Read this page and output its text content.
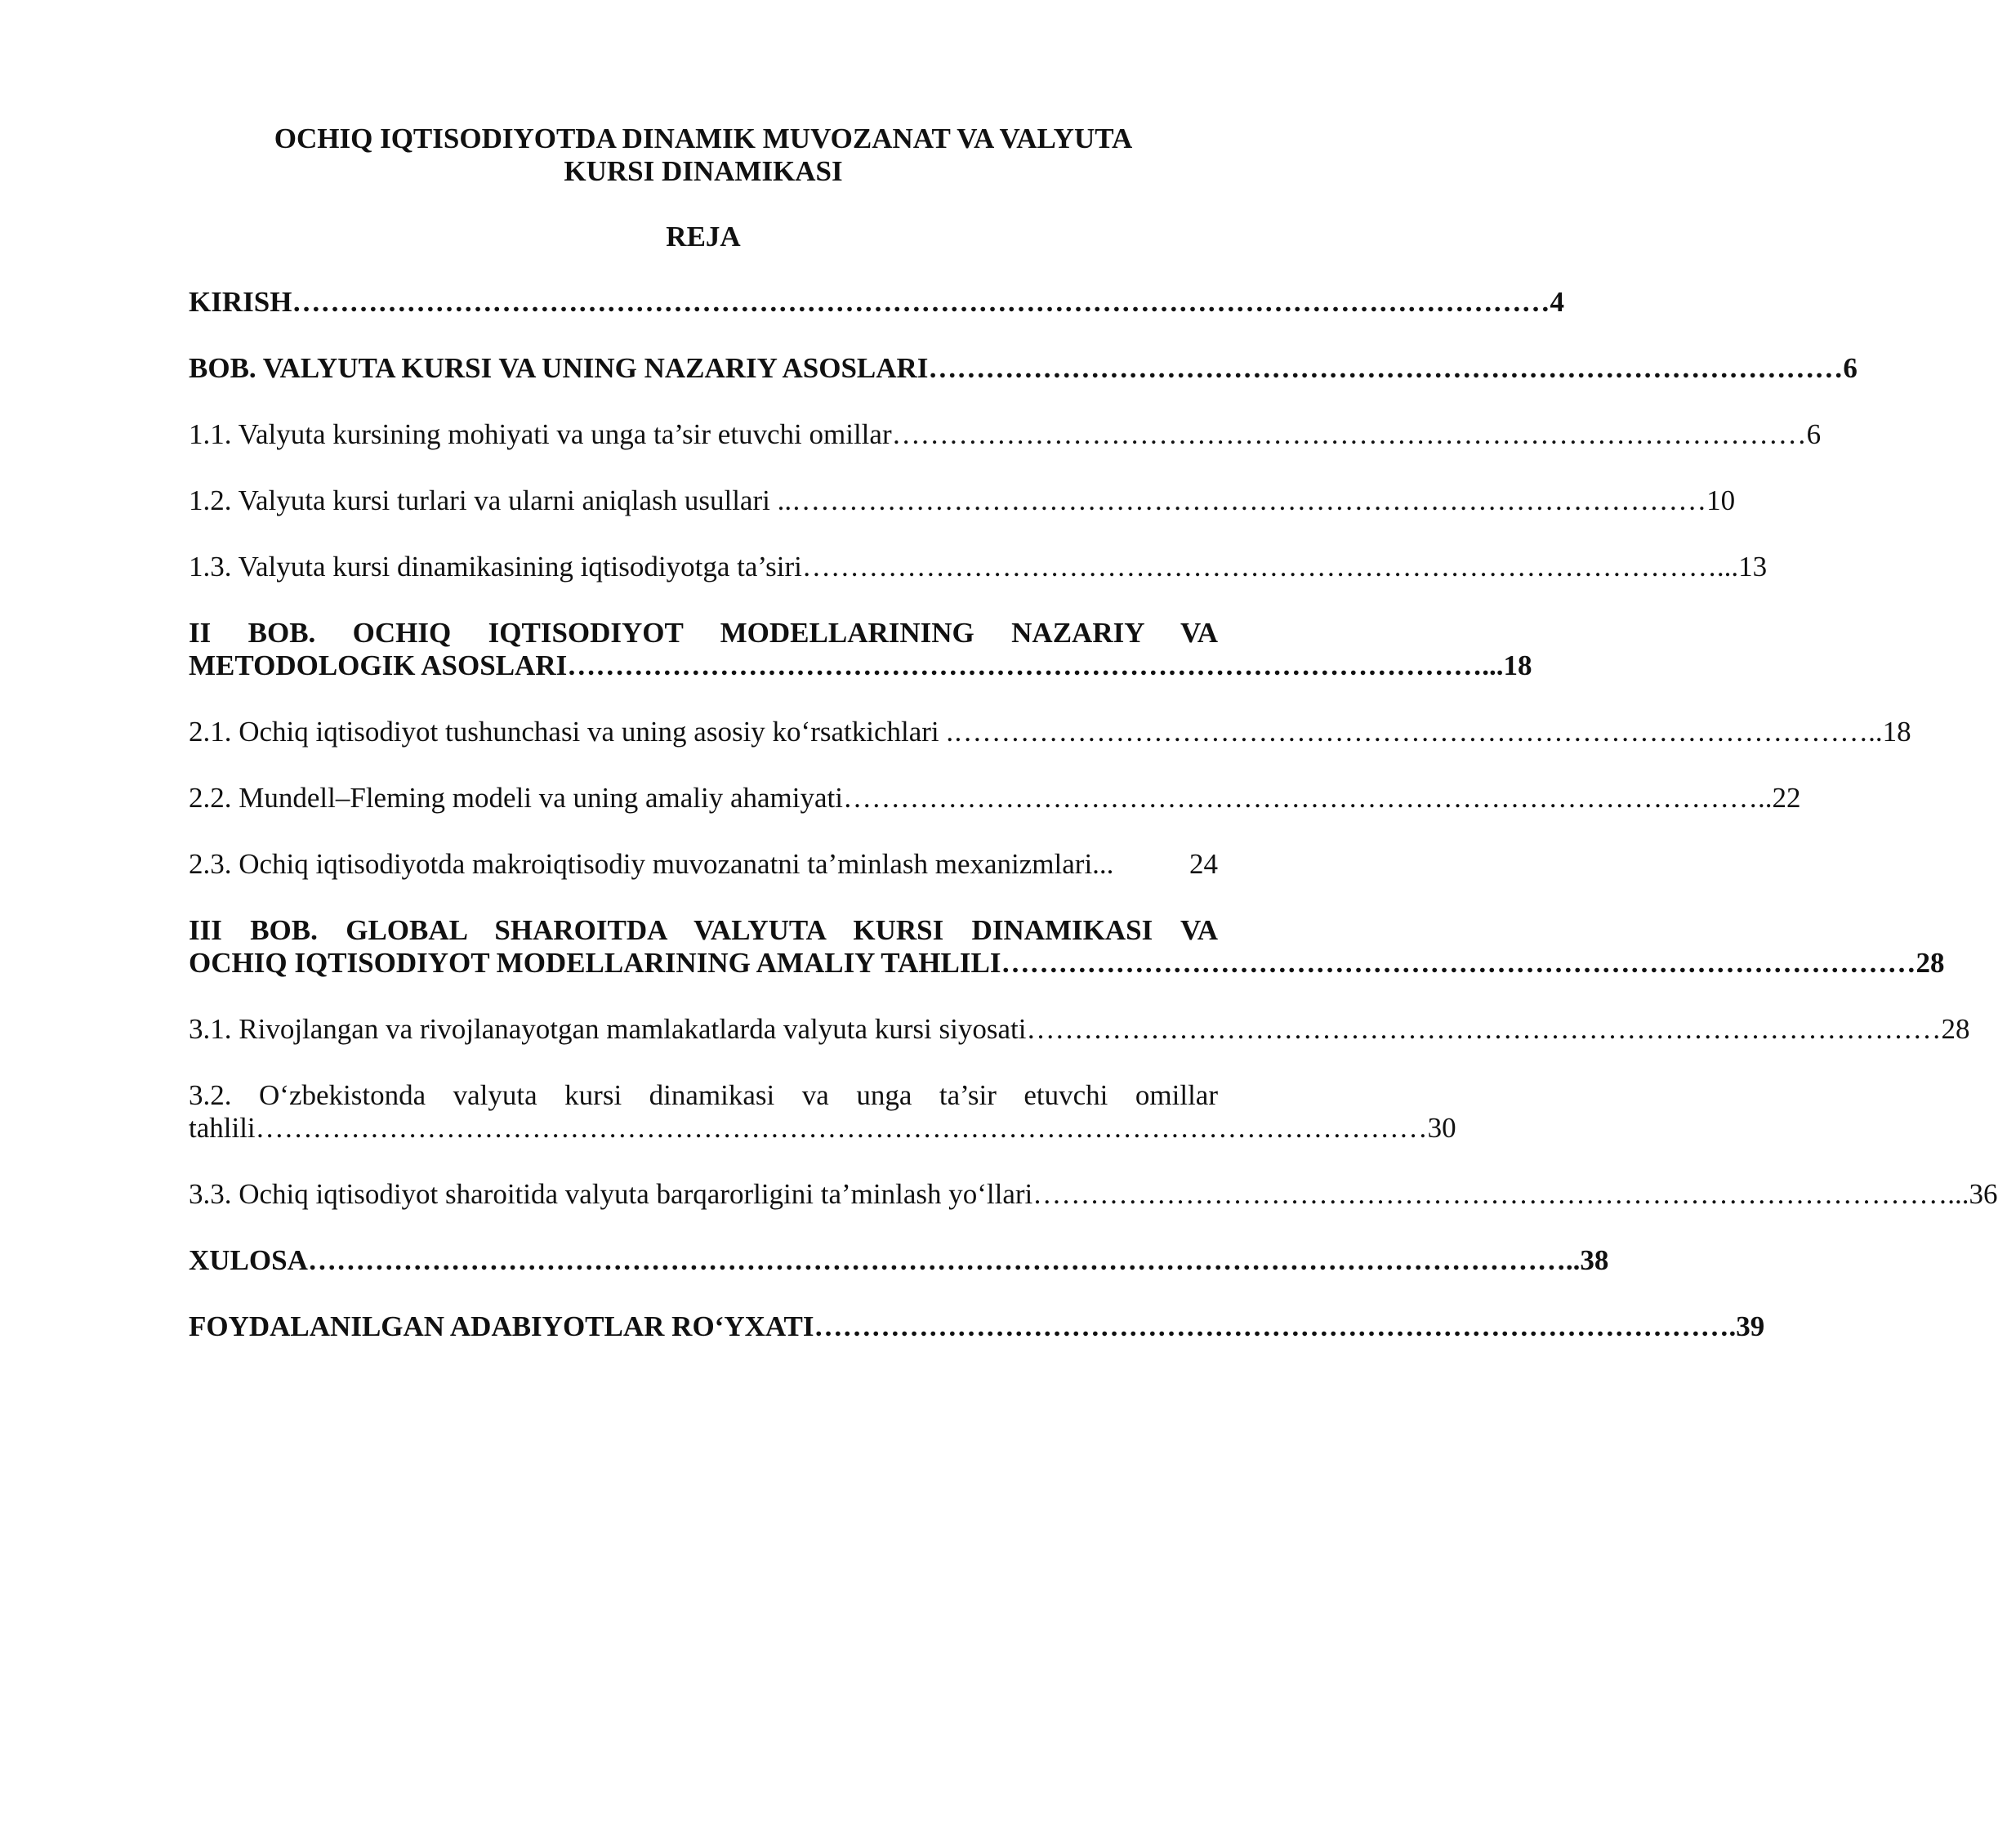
OCHIQ IQTISODIYOTDA DINAMIK MUVOZANAT VA VALYUTA
KURSI DINAMIKASI
REJA
KIRISH …………………………………………………………………………………………………………………… 4
BOB. VALYUTA KURSI VA UNING NAZARIY ASOSLARI …………………………………………………………………………………… 6
1.1. Valyuta kursining mohiyati va unga ta’sir etuvchi omillar …………………………………………………………………………………… 6
1.2. Valyuta kursi turlari va ularni aniqlash usullari .. …………………………………………………………………………………… 10
1.3. Valyuta kursi dinamikasining iqtisodiyotga ta’siri …………………………………………………………………………………… ...13
II BOB. OCHIQ IQTISODIYOT MODELLARINING NAZARIY VA
METODOLOGIK ASOSLARI …………………………………………………………………………………… ...18
2.1. Ochiq iqtisodiyot tushunchasi va uning asosiy ko‘rsatkichlari . …………………………………………………………………………………… ..18
2.2. Mundell–Fleming modeli va uning amaliy ahamiyati …………………………………………………………………………………… ..22
2.3. Ochiq iqtisodiyotda makroiqtisodiy muvozanatni ta’minlash mexanizmlari...	24
III BOB. GLOBAL SHAROITDA VALYUTA KURSI DINAMIKASI VA
OCHIQ IQTISODIYOT MODELLARINING AMALIY TAHLILI …………………………………………………………………………………… 28
3.1. Rivojlangan va rivojlanayotgan mamlakatlarda valyuta kursi siyosati …………………………………………………………………………………… 28
3.2. O‘zbekistonda valyuta kursi dinamikasi va unga ta’sir etuvchi omillar
tahlili …………………………………………………………………………………………………………… 30
3.3. Ochiq iqtisodiyot sharoitida valyuta barqarorligini ta’minlash yo‘llari …………………………………………………………………………………… ...36
XULOSA …………………………………………………………………………………………………………………… ..38
FOYDALANILGAN ADABIYOTLAR RO‘YXATI …………………………………………………………………………………… .39
